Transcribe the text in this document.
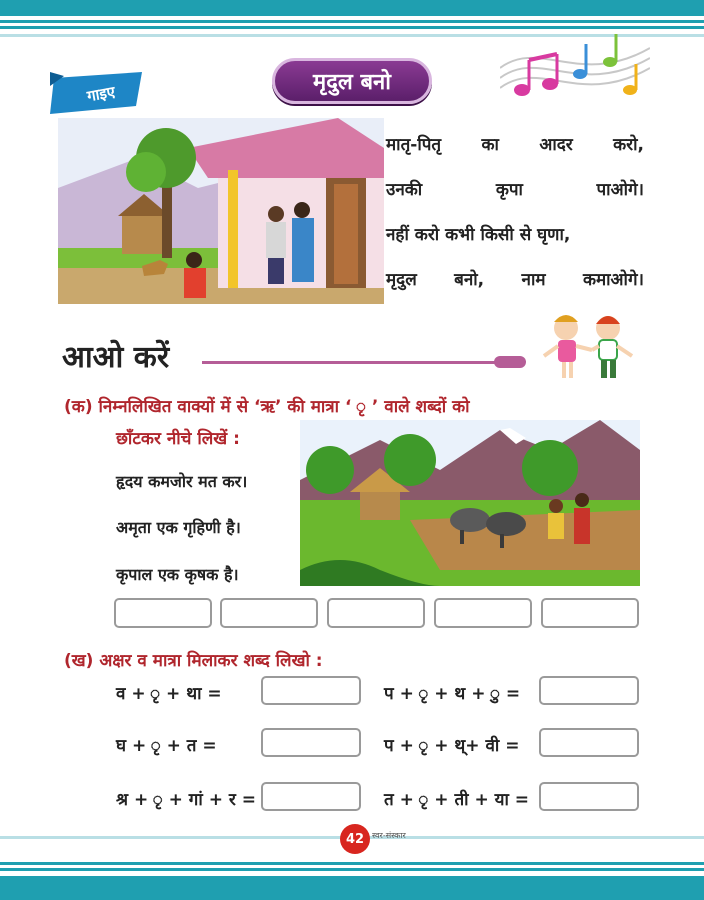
गाइए	मृदुल बनो
मातृ-पितृ का आदर करो,
उनकी	कृपा	पाओगे।
नहीं करो कभी किसी से घृणा,
मृदुल बनो, नाम कमाओगे।
आओ करें
(क) निम्नलिखित वाक्यों में से ‘ऋ’ की मात्रा ‘ ृ ’ वाले शब्दों को
छाँटकर नीचे लिखें :
हृदय कमजोर मत कर।
अमृता एक गृहिणी है।
कृपाल एक कृषक है।
(ख) अक्षर व मात्रा मिलाकर शब्द लिखो :
व + ृ + था =	प + ृ + थ + ु =
घ + ृ + त =	प + ृ + थ्+ वी =
श्र + ृ + गां + र =	त + ृ + ती + या =
42 स्वर-संस्कार
